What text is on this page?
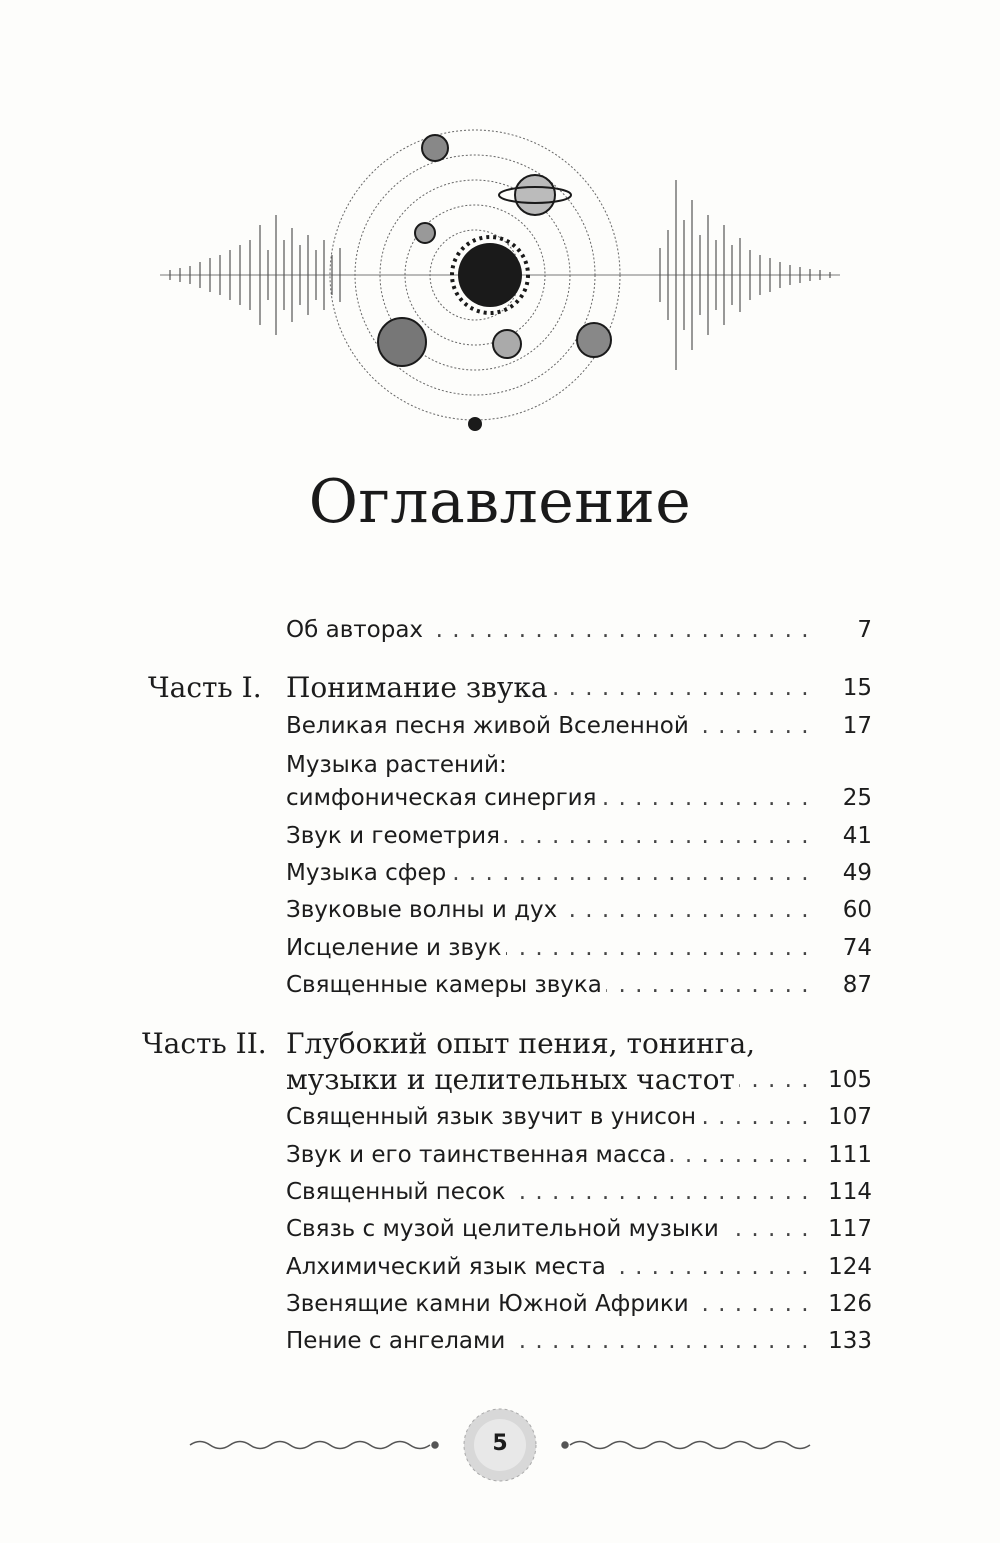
Оглавление
Об авторах . . .	7
Часть I. Понимание звука . . .	15
Великая песня живой Вселенной . . .	17
Музыка растений:
симфоническая синергия . . .	25
Звук и геометрия . . .	41
Музыка сфер . . .	49
Звуковые волны и дух . . .	60
Исцеление и звук . . .	74
Священные камеры звука . . .	87
Часть II. Глубокий опыт пения, тонинга,
музыки и целительных частот . . .	105
Священный язык звучит в унисон . . .	107
Звук и его таинственная масса . . .	111
Священный песок . . .	114
Связь с музой целительной музыки . . .	117
Алхимический язык места . . .	124
Звенящие камни Южной Африки . . .	126
Пение с ангелами . . .	133
5
